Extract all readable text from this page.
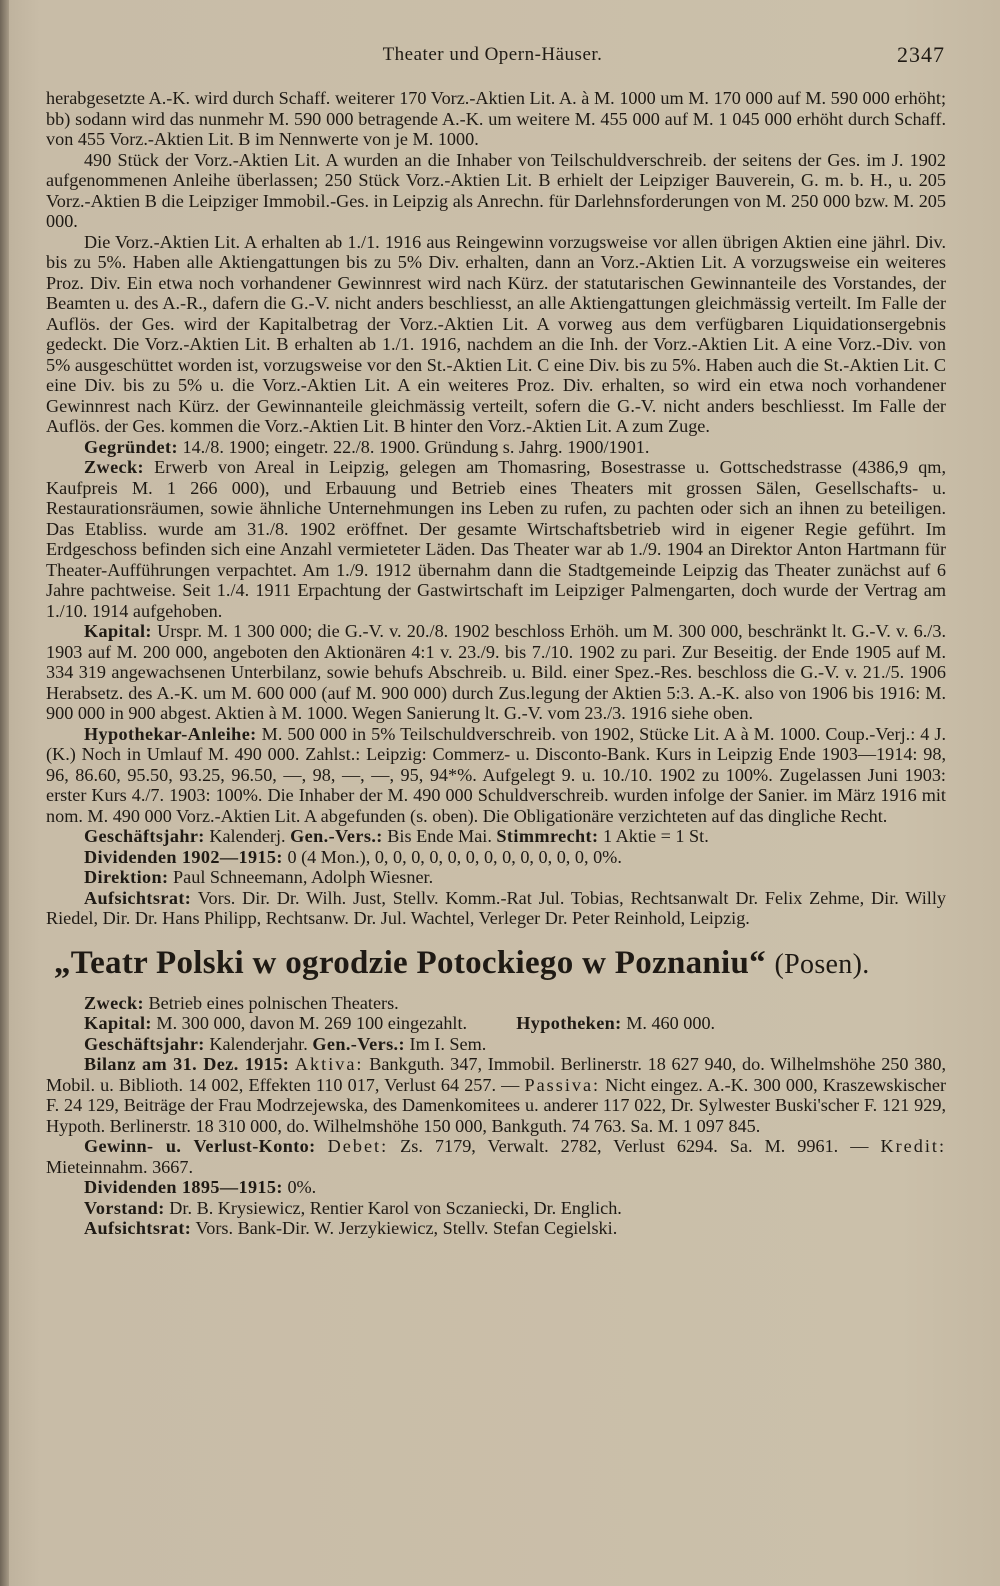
Theater und Opern-Häuser.	2347

herabgesetzte A.-K. wird durch Schaff. weiterer 170 Vorz.-Aktien Lit. A. à M. 1000 um M. 170 000 auf M. 590 000 erhöht; bb) sodann wird das nunmehr M. 590 000 betragende A.-K. um weitere M. 455 000 auf M. 1 045 000 erhöht durch Schaff. von 455 Vorz.-Aktien Lit. B im Nennwerte von je M. 1000.

490 Stück der Vorz.-Aktien Lit. A wurden an die Inhaber von Teilschuldverschreib. der seitens der Ges. im J. 1902 aufgenommenen Anleihe überlassen; 250 Stück Vorz.-Aktien Lit. B erhielt der Leipziger Bauverein, G. m. b. H., u. 205 Vorz.-Aktien B die Leipziger Immobil.-Ges. in Leipzig als Anrechn. für Darlehnsforderungen von M. 250 000 bzw. M. 205 000.

Die Vorz.-Aktien Lit. A erhalten ab 1./1. 1916 aus Reingewinn vorzugsweise vor allen übrigen Aktien eine jährl. Div. bis zu 5%. Haben alle Aktiengattungen bis zu 5% Div. erhalten, dann an Vorz.-Aktien Lit. A vorzugsweise ein weiteres Proz. Div. Ein etwa noch vorhandener Gewinnrest wird nach Kürz. der statutarischen Gewinnanteile des Vorstandes, der Beamten u. des A.-R., dafern die G.-V. nicht anders beschliesst, an alle Aktiengattungen gleichmässig verteilt. Im Falle der Auflös. der Ges. wird der Kapitalbetrag der Vorz.-Aktien Lit. A vorweg aus dem verfügbaren Liquidationsergebnis gedeckt. Die Vorz.-Aktien Lit. B erhalten ab 1./1. 1916, nachdem an die Inh. der Vorz.-Aktien Lit. A eine Vorz.-Div. von 5% ausgeschüttet worden ist, vorzugsweise vor den St.-Aktien Lit. C eine Div. bis zu 5%. Haben auch die St.-Aktien Lit. C eine Div. bis zu 5% u. die Vorz.-Aktien Lit. A ein weiteres Proz. Div. erhalten, so wird ein etwa noch vorhandener Gewinnrest nach Kürz. der Gewinnanteile gleichmässig verteilt, sofern die G.-V. nicht anders beschliesst. Im Falle der Auflös. der Ges. kommen die Vorz.-Aktien Lit. B hinter den Vorz.-Aktien Lit. A zum Zuge.

Gegründet: 14./8. 1900; eingetr. 22./8. 1900. Gründung s. Jahrg. 1900/1901.

Zweck: Erwerb von Areal in Leipzig, gelegen am Thomasring, Bosestrasse u. Gottschedstrasse (4386,9 qm, Kaufpreis M. 1 266 000), und Erbauung und Betrieb eines Theaters mit grossen Sälen, Gesellschafts- u. Restaurationsräumen, sowie ähnliche Unternehmungen ins Leben zu rufen, zu pachten oder sich an ihnen zu beteiligen. Das Etabliss. wurde am 31./8. 1902 eröffnet. Der gesamte Wirtschaftsbetrieb wird in eigener Regie geführt. Im Erdgeschoss befinden sich eine Anzahl vermieteter Läden. Das Theater war ab 1./9. 1904 an Direktor Anton Hartmann für Theater-Aufführungen verpachtet. Am 1./9. 1912 übernahm dann die Stadtgemeinde Leipzig das Theater zunächst auf 6 Jahre pachtweise. Seit 1./4. 1911 Erpachtung der Gastwirtschaft im Leipziger Palmengarten, doch wurde der Vertrag am 1./10. 1914 aufgehoben.

Kapital: Urspr. M. 1 300 000; die G.-V. v. 20./8. 1902 beschloss Erhöh. um M. 300 000, beschränkt lt. G.-V. v. 6./3. 1903 auf M. 200 000, angeboten den Aktionären 4:1 v. 23./9. bis 7./10. 1902 zu pari. Zur Beseitig. der Ende 1905 auf M. 334 319 angewachsenen Unterbilanz, sowie behufs Abschreib. u. Bild. einer Spez.-Res. beschloss die G.-V. v. 21./5. 1906 Herabsetz. des A.-K. um M. 600 000 (auf M. 900 000) durch Zus.legung der Aktien 5:3. A.-K. also von 1906 bis 1916: M. 900 000 in 900 abgest. Aktien à M. 1000. Wegen Sanierung lt. G.-V. vom 23./3. 1916 siehe oben.

Hypothekar-Anleihe: M. 500 000 in 5% Teilschuldverschreib. von 1902, Stücke Lit. A à M. 1000. Coup.-Verj.: 4 J. (K.) Noch in Umlauf M. 490 000. Zahlst.: Leipzig: Commerz- u. Disconto-Bank. Kurs in Leipzig Ende 1903—1914: 98, 96, 86.60, 95.50, 93.25, 96.50, —, 98, —, —, 95, 94*%. Aufgelegt 9. u. 10./10. 1902 zu 100%. Zugelassen Juni 1903: erster Kurs 4./7. 1903: 100%. Die Inhaber der M. 490 000 Schuldverschreib. wurden infolge der Sanier. im März 1916 mit nom. M. 490 000 Vorz.-Aktien Lit. A abgefunden (s. oben). Die Obligationäre verzichteten auf das dingliche Recht.

Geschäftsjahr: Kalenderj. Gen.-Vers.: Bis Ende Mai. Stimmrecht: 1 Aktie = 1 St.

Dividenden 1902—1915: 0 (4 Mon.), 0, 0, 0, 0, 0, 0, 0, 0, 0, 0, 0, 0, 0%.

Direktion: Paul Schneemann, Adolph Wiesner.

Aufsichtsrat: Vors. Dir. Dr. Wilh. Just, Stellv. Komm.-Rat Jul. Tobias, Rechtsanwalt Dr. Felix Zehme, Dir. Willy Riedel, Dir. Dr. Hans Philipp, Rechtsanw. Dr. Jul. Wachtel, Verleger Dr. Peter Reinhold, Leipzig.

„Teatr Polski w ogrodzie Potockiego w Poznaniu“ (Posen).

Zweck: Betrieb eines polnischen Theaters.

Kapital: M. 300 000, davon M. 269 100 eingezahlt.	Hypotheken: M. 460 000.

Geschäftsjahr: Kalenderjahr. Gen.-Vers.: Im I. Sem.

Bilanz am 31. Dez. 1915: Aktiva: Bankguth. 347, Immobil. Berlinerstr. 18 627 940, do. Wilhelmshöhe 250 380, Mobil. u. Biblioth. 14 002, Effekten 110 017, Verlust 64 257. — Passiva: Nicht eingez. A.-K. 300 000, Kraszewskischer F. 24 129, Beiträge der Frau Modrzejewska, des Damenkomitees u. anderer 117 022, Dr. Sylwester Buski'scher F. 121 929, Hypoth. Berlinerstr. 18 310 000, do. Wilhelmshöhe 150 000, Bankguth. 74 763. Sa. M. 1 097 845.

Gewinn- u. Verlust-Konto: Debet: Zs. 7179, Verwalt. 2782, Verlust 6294. Sa. M. 9961. — Kredit: Mieteinnahm. 3667.

Dividenden 1895—1915: 0%.

Vorstand: Dr. B. Krysiewicz, Rentier Karol von Sczaniecki, Dr. Englich.

Aufsichtsrat: Vors. Bank-Dir. W. Jerzykiewicz, Stellv. Stefan Cegielski.
